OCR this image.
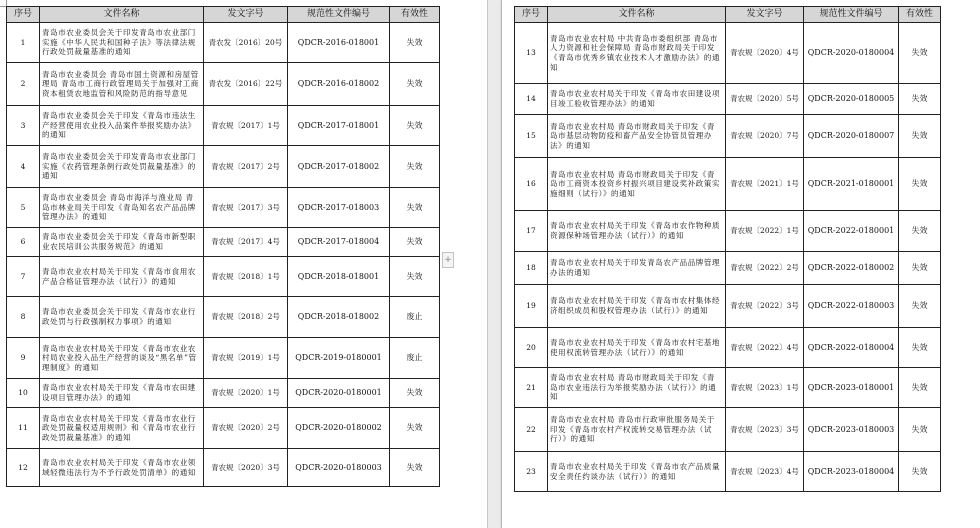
序号	文件名称	发文字号	规范性文件编号	有效性
1	青岛市农业委员会关于印发青岛市农业部门实施《中华人民共和国种子法》等法律法规行政处罚裁量基准的通知	青农发〔2016〕20号	QDCR-2016-018001	失效
2	青岛市农业委员会 青岛市国土资源和房屋管理局 青岛市工商行政管理局关于加强对工商资本租赁农地监管和风险防范的指导意见	青农发〔2016〕22号	QDCR-2016-018002	失效
3	青岛市农业委员会关于印发《青岛市违法生产经营使用农业投入品案件举报奖励办法》的通知	青农规〔2017〕1号	QDCR-2017-018001	失效
4	青岛市农业委员会关于印发青岛市农业部门实施《农药管理条例行政处罚裁量基准》的通知	青农规〔2017〕2号	QDCR-2017-018002	失效
5	青岛市农业委员会 青岛市海洋与渔业局 青岛市林业局关于印发《青岛知名农产品品牌管理办法》的通知	青农规〔2017〕3号	QDCR-2017-018003	失效
6	青岛市农业委员会关于印发《青岛市新型职业农民培训公共服务规范》的通知	青农规〔2017〕4号	QDCR-2017-018004	失效
7	青岛市农业农村局关于印发《青岛市食用农产品合格证管理办法（试行）》的通知	青农规〔2018〕1号	QDCR-2018-018001	失效
8	青岛市农业委员会关于印发《青岛市农业行政处罚与行政强制权力事项》的通知	青农规〔2018〕2号	QDCR-2018-018002	废止
9	青岛市农业农村局关于印发《青岛市农业农村局农业投入品生产经营的谈及“黑名单”管理制度》的通知	青农规〔2019〕1号	QDCR-2019-0180001	废止
10	青岛市农业农村局关于印发《青岛市农田建设项目管理办法》的通知	青农规〔2020〕1号	QDCR-2020-0180001	失效
11	青岛市农业农村局关于印发《青岛市农业行政处罚裁量权适用规则》和《青岛市农业行政处罚裁量基准》的通知	青农规〔2020〕2号	QDCR-2020-0180002	失效
12	青岛市农业农村局关于印发《青岛市农业领域轻微违法行为不予行政处罚清单》的通知	青农规〔2020〕3号	QDCR-2020-0180003	失效
+
序号	文件名称	发文字号	规范性文件编号	有效性
13	青岛市农业农村局 中共青岛市委组织部 青岛市人力资源和社会保障局 青岛市财政局关于印发《青岛市优秀乡镇农业技术人才激励办法》的通知	青农规〔2020〕4号	QDCR-2020-0180004	失效
14	青岛市农业农村局关于印发《青岛市农田建设项目竣工验收管理办法》的通知	青农规〔2020〕5号	QDCR-2020-0180005	失效
15	青岛市农业农村局 青岛市财政局关于印发《青岛市基层动物防疫和畜产品安全协管员管理办法》的通知	青农规〔2020〕7号	QDCR-2020-0180007	失效
16	青岛市农业农村局 青岛市财政局关于印发《青岛市工商资本投资乡村振兴项目建设奖补政策实施细则（试行）》的通知	青农规〔2021〕1号	QDCR-2021-0180001	失效
17	青岛市农业农村局关于印发《青岛市农作物种质资源保种场管理办法（试行）》的通知	青农规〔2022〕1号	QDCR-2022-0180001	失效
18	青岛市农业农村局关于印发青岛农产品品牌管理办法的通知	青农规〔2022〕2号	QDCR-2022-0180002	失效
19	青岛市农业农村局关于印发《青岛市农村集体经济组织成员和股权管理办法（试行）》的通知	青农规〔2022〕3号	QDCR-2022-0180003	失效
20	青岛市农业农村局关于印发《青岛市农村宅基地使用权流转管理办法（试行）》的通知	青农规〔2022〕4号	QDCR-2022-0180004	失效
21	青岛市农业农村局 青岛市财政局关于印发《青岛市农业违法行为举报奖励办法（试行）》的通知	青农规〔2023〕1号	QDCR-2023-0180001	失效
22	青岛市农业农村局 青岛市行政审批服务局关于印发《青岛市农村产权流转交易管理办法（试行）》的通知	青农规〔2023〕3号	QDCR-2023-0180003	失效
23	青岛市农业农村局关于印发《青岛市农产品质量安全责任约谈办法（试行）》的通知	青农规〔2023〕4号	QDCR-2023-0180004	失效
